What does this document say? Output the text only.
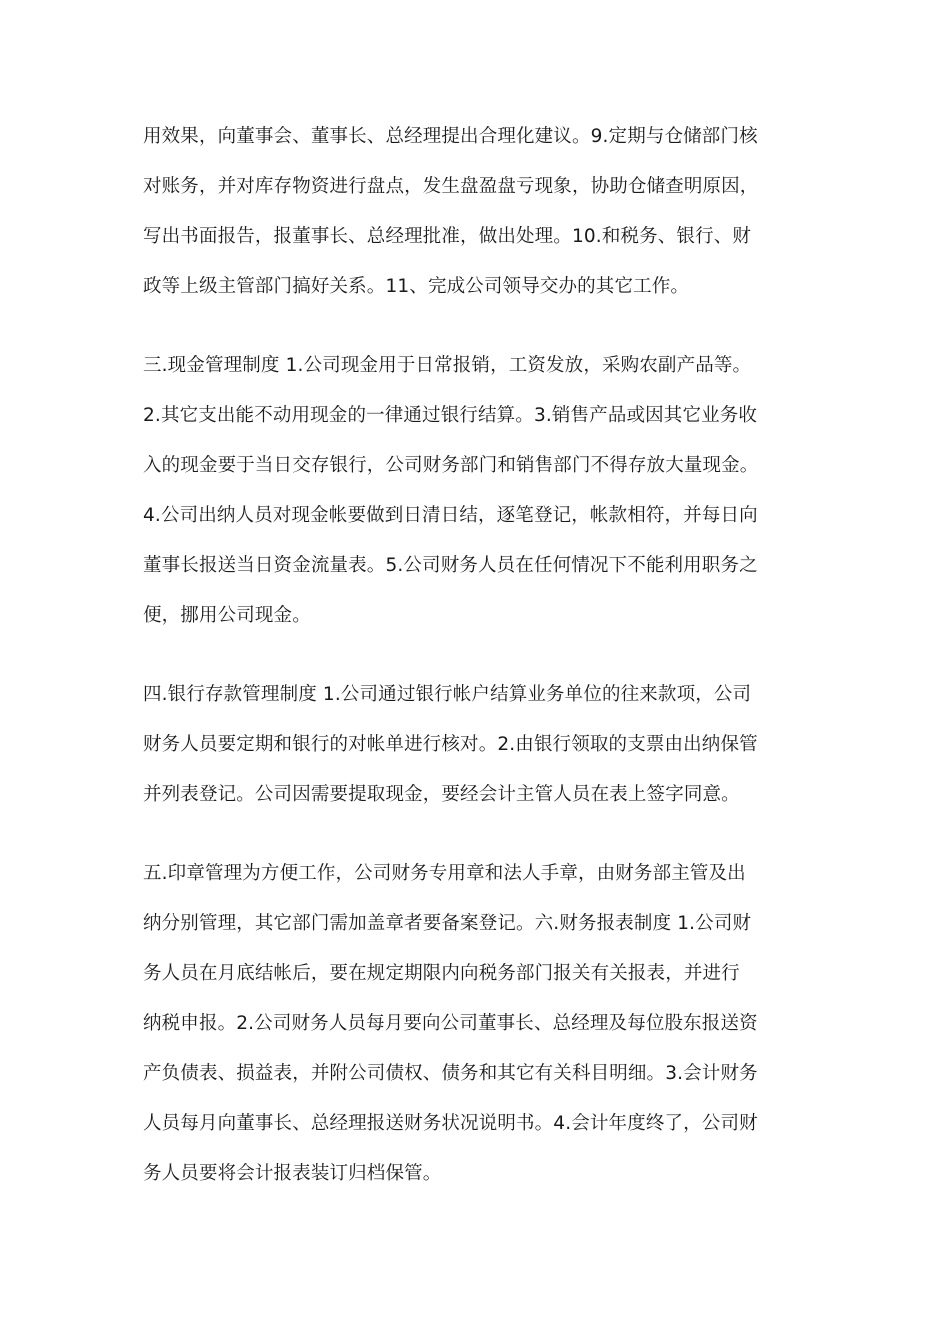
用效果，向董事会、董事长、总经理提出合理化建议。9.定期与仓储部门核
对账务，并对库存物资进行盘点，发生盘盈盘亏现象，协助仓储查明原因，
写出书面报告，报董事长、总经理批准，做出处理。10.和税务、银行、财
政等上级主管部门搞好关系。11、完成公司领导交办的其它工作。
三.现金管理制度 1.公司现金用于日常报销，工资发放，采购农副产品等。
2.其它支出能不动用现金的一律通过银行结算。3.销售产品或因其它业务收
入的现金要于当日交存银行，公司财务部门和销售部门不得存放大量现金。
4.公司出纳人员对现金帐要做到日清日结，逐笔登记，帐款相符，并每日向
董事长报送当日资金流量表。5.公司财务人员在任何情况下不能利用职务之
便，挪用公司现金。
四.银行存款管理制度 1.公司通过银行帐户结算业务单位的往来款项，公司
财务人员要定期和银行的对帐单进行核对。2.由银行领取的支票由出纳保管
并列表登记。公司因需要提取现金，要经会计主管人员在表上签字同意。
五.印章管理为方便工作，公司财务专用章和法人手章，由财务部主管及出
纳分别管理，其它部门需加盖章者要备案登记。六.财务报表制度 1.公司财
务人员在月底结帐后，要在规定期限内向税务部门报关有关报表，并进行
纳税申报。2.公司财务人员每月要向公司董事长、总经理及每位股东报送资
产负债表、损益表，并附公司债权、债务和其它有关科目明细。3.会计财务
人员每月向董事长、总经理报送财务状况说明书。4.会计年度终了，公司财
务人员要将会计报表装订归档保管。
